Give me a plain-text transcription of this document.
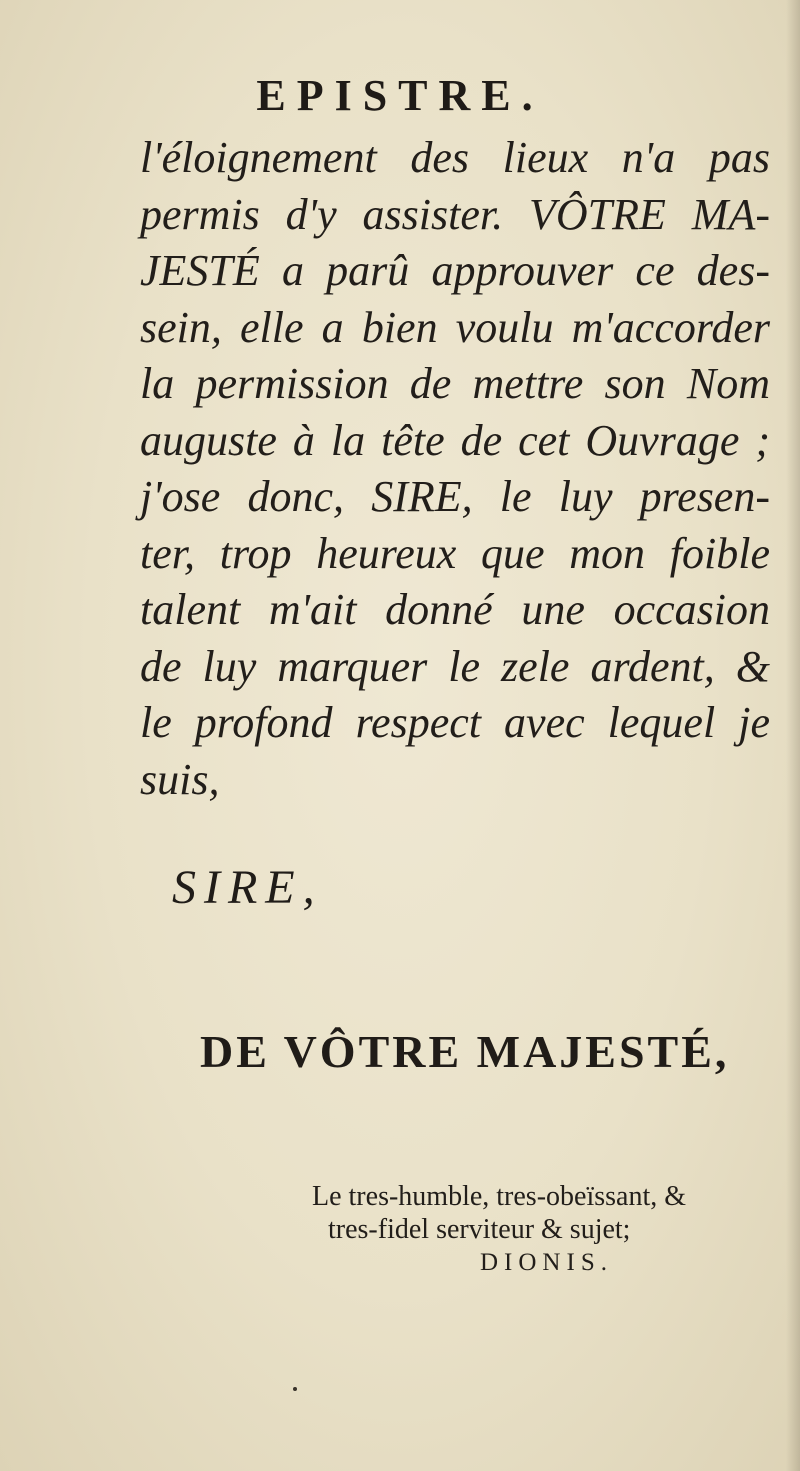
EPISTRE.
l'éloignement des lieux n'a pas
permis d'y assister. VÔTRE MA-
JESTÉ a parû approuver ce des-
sein, elle a bien voulu m'accorder
la permission de mettre son Nom
auguste à la tête de cet Ouvrage ;
j'ose donc, SIRE, le luy presen-
ter, trop heureux que mon foible
talent m'ait donné une occasion
de luy marquer le zele ardent, &
le profond respect avec lequel je
suis,
SIRE,
DE VÔTRE MAJESTÉ,
Le tres-humble, tres-obeïssant, &
tres-fidel serviteur & sujet;
DIONIS.
